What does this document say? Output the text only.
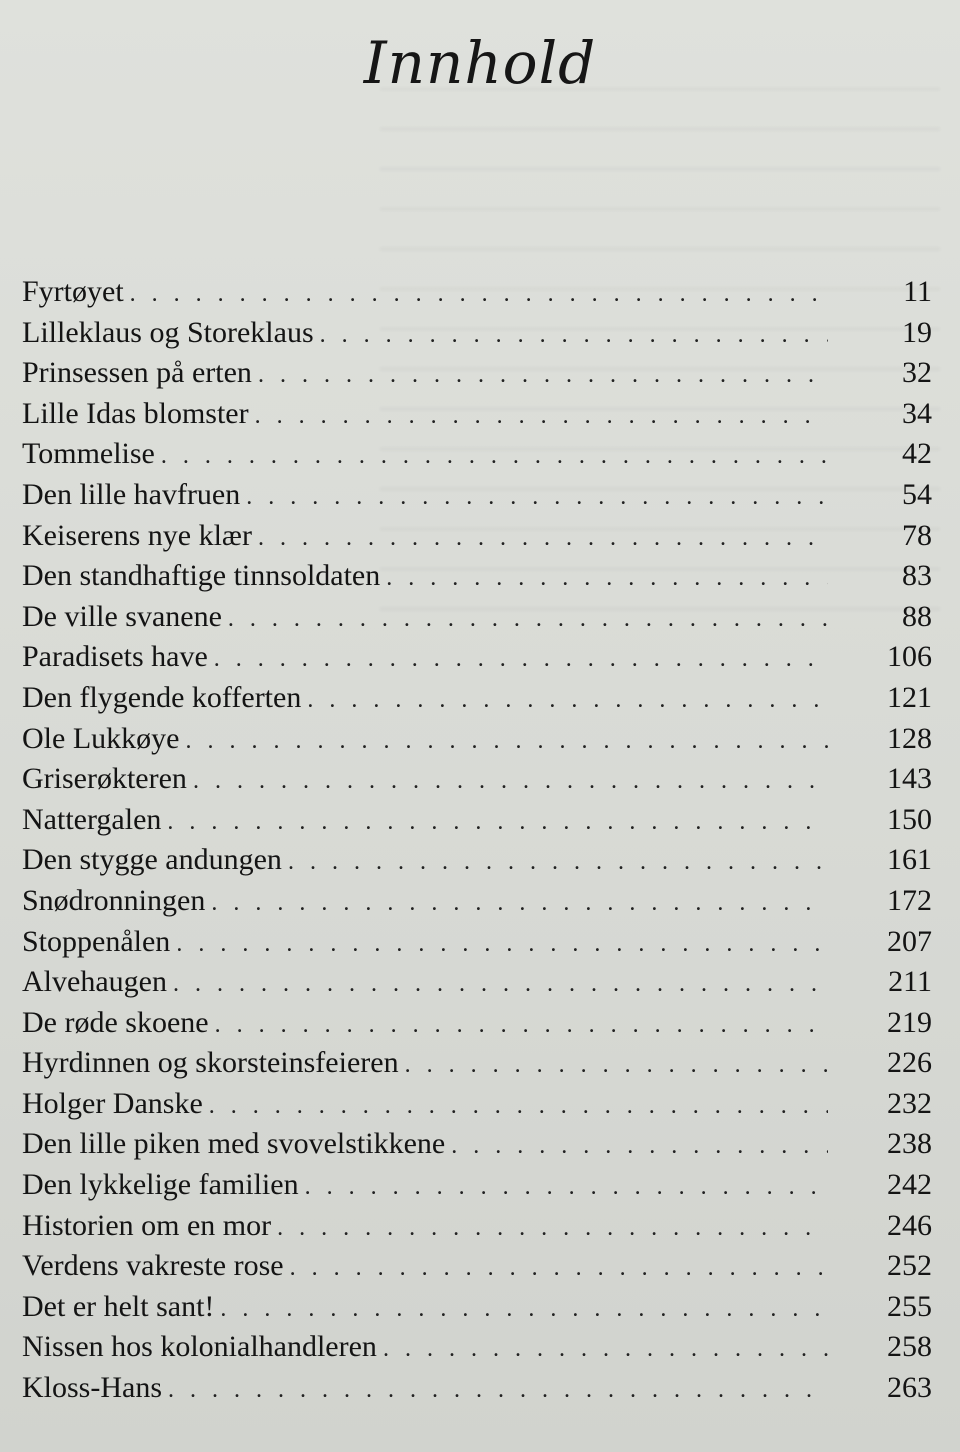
Innhold
Fyrtøyet . . .	11
Lilleklaus og Storeklaus . . .	19
Prinsessen på erten . . .	32
Lille Idas blomster . . .	34
Tommelise . . .	42
Den lille havfruen . . .	54
Keiserens nye klær . . .	78
Den standhaftige tinnsoldaten . . .	83
De ville svanene . . .	88
Paradisets have . . .	106
Den flygende kofferten . . .	121
Ole Lukkøye . . .	128
Griserøkteren . . .	143
Nattergalen . . .	150
Den stygge andungen . . .	161
Snødronningen . . .	172
Stoppenålen . . .	207
Alvehaugen . . .	211
De røde skoene . . .	219
Hyrdinnen og skorsteinsfeieren . . .	226
Holger Danske . . .	232
Den lille piken med svovelstikkene . . .	238
Den lykkelige familien . . .	242
Historien om en mor . . .	246
Verdens vakreste rose . . .	252
Det er helt sant! . . .	255
Nissen hos kolonialhandleren . . .	258
Kloss-Hans . . .	263
